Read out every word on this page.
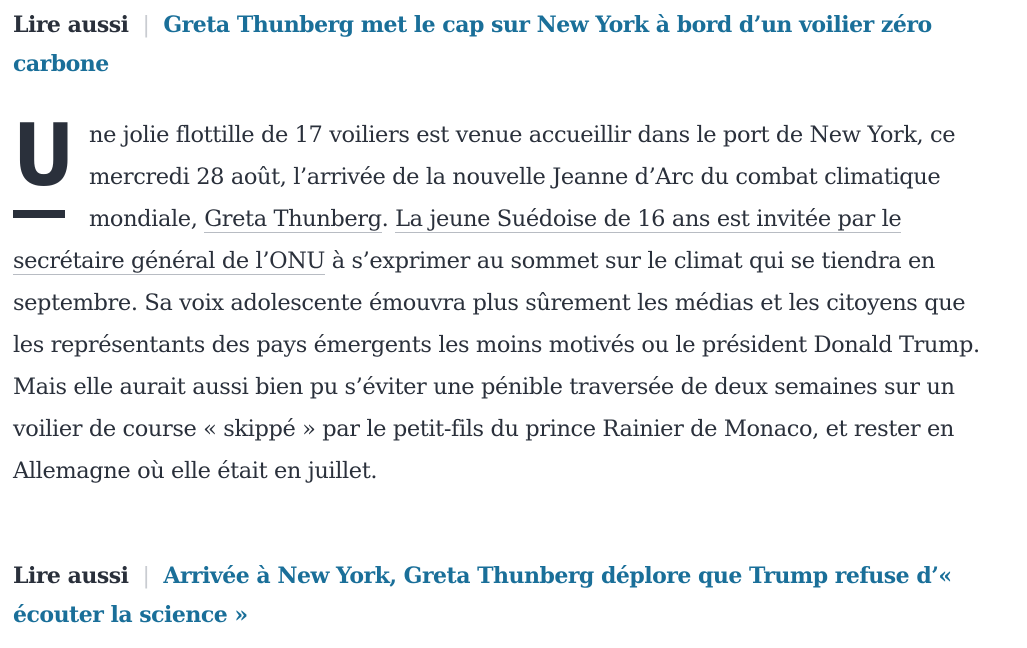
Lire aussi | Greta Thunberg met le cap sur New York à bord d’un voilier zéro carbone

U ne jolie flottille de 17 voiliers est venue accueillir dans le port de New York, ce mercredi 28 août, l’arrivée de la nouvelle Jeanne d’Arc du combat climatique mondiale, Greta Thunberg. La jeune Suédoise de 16 ans est invitée par le secrétaire général de l’ONU à s’exprimer au sommet sur le climat qui se tiendra en septembre. Sa voix adolescente émouvra plus sûrement les médias et les citoyens que les représentants des pays émergents les moins motivés ou le président Donald Trump. Mais elle aurait aussi bien pu s’éviter une pénible traversée de deux semaines sur un voilier de course « skippé » par le petit-fils du prince Rainier de Monaco, et rester en Allemagne où elle était en juillet.

Lire aussi | Arrivée à New York, Greta Thunberg déplore que Trump refuse d’« écouter la science »
